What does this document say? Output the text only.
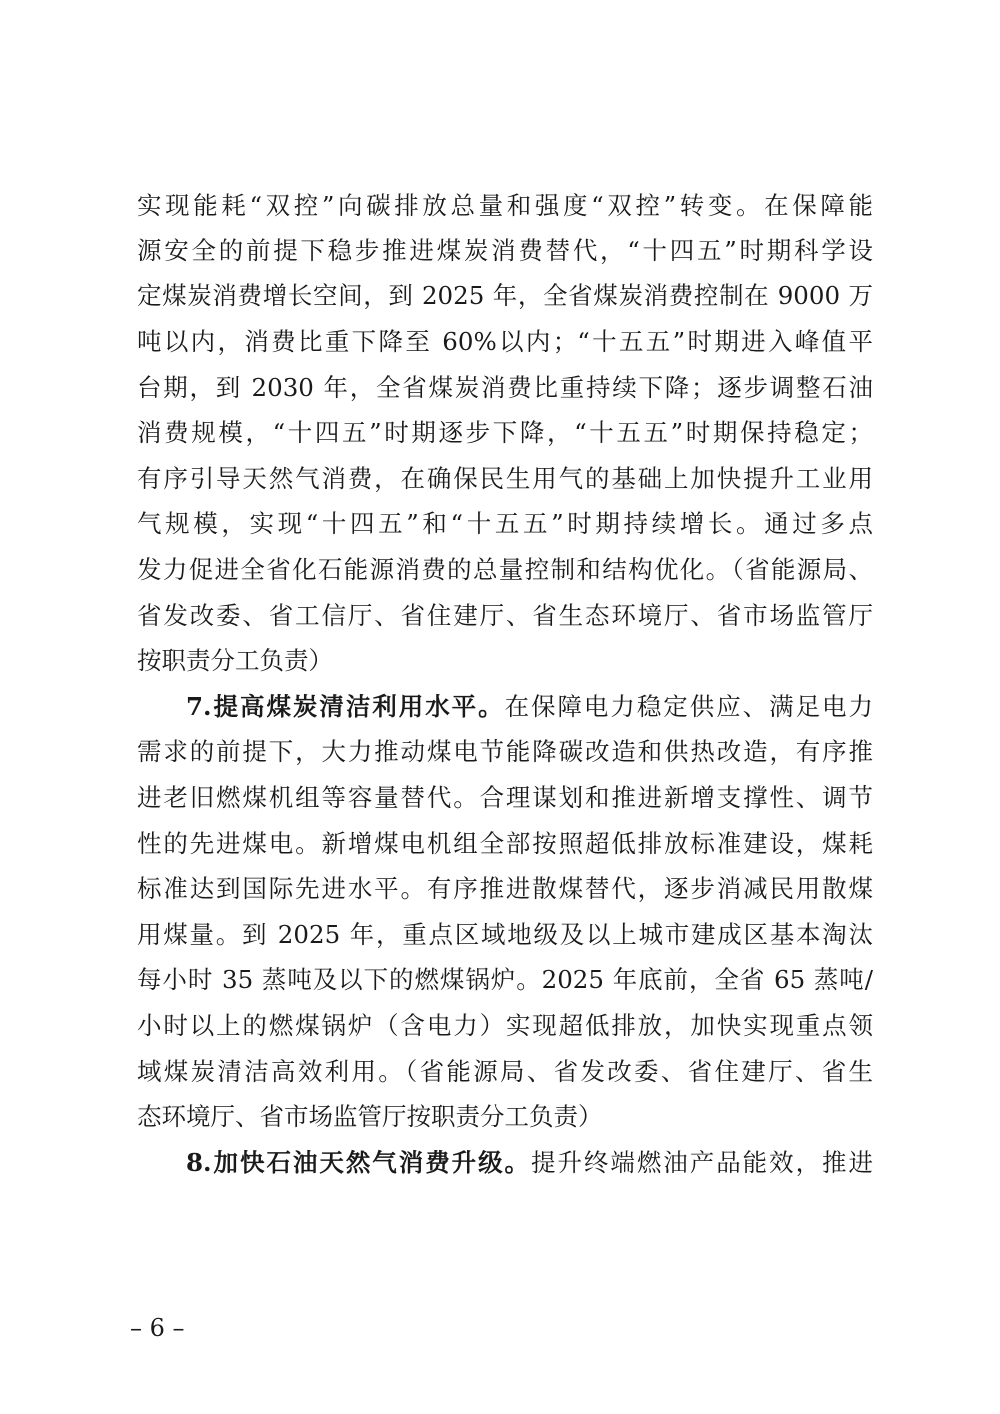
实现能耗“双控”向碳排放总量和强度“双控”转变。在保障能
源安全的前提下稳步推进煤炭消费替代，“十四五”时期科学设
定煤炭消费增长空间，到 2025 年，全省煤炭消费控制在 9000 万
吨以内，消费比重下降至 60%以内；“十五五”时期进入峰值平
台期，到 2030 年，全省煤炭消费比重持续下降；逐步调整石油
消费规模，“十四五”时期逐步下降，“十五五”时期保持稳定；
有序引导天然气消费，在确保民生用气的基础上加快提升工业用
气规模，实现“十四五”和“十五五”时期持续增长。通过多点
发力促进全省化石能源消费的总量控制和结构优化。（省能源局、
省发改委、省工信厅、省住建厅、省生态环境厅、省市场监管厅
按职责分工负责）
7.提高煤炭清洁利用水平。在保障电力稳定供应、满足电力
需求的前提下，大力推动煤电节能降碳改造和供热改造，有序推
进老旧燃煤机组等容量替代。合理谋划和推进新增支撑性、调节
性的先进煤电。新增煤电机组全部按照超低排放标准建设，煤耗
标准达到国际先进水平。有序推进散煤替代，逐步消减民用散煤
用煤量。到 2025 年，重点区域地级及以上城市建成区基本淘汰
每小时 35 蒸吨及以下的燃煤锅炉。2025 年底前，全省 65 蒸吨/
小时以上的燃煤锅炉（含电力）实现超低排放，加快实现重点领
域煤炭清洁高效利用。（省能源局、省发改委、省住建厅、省生
态环境厅、省市场监管厅按职责分工负责）
8.加快石油天然气消费升级。提升终端燃油产品能效，推进
– 6 –
